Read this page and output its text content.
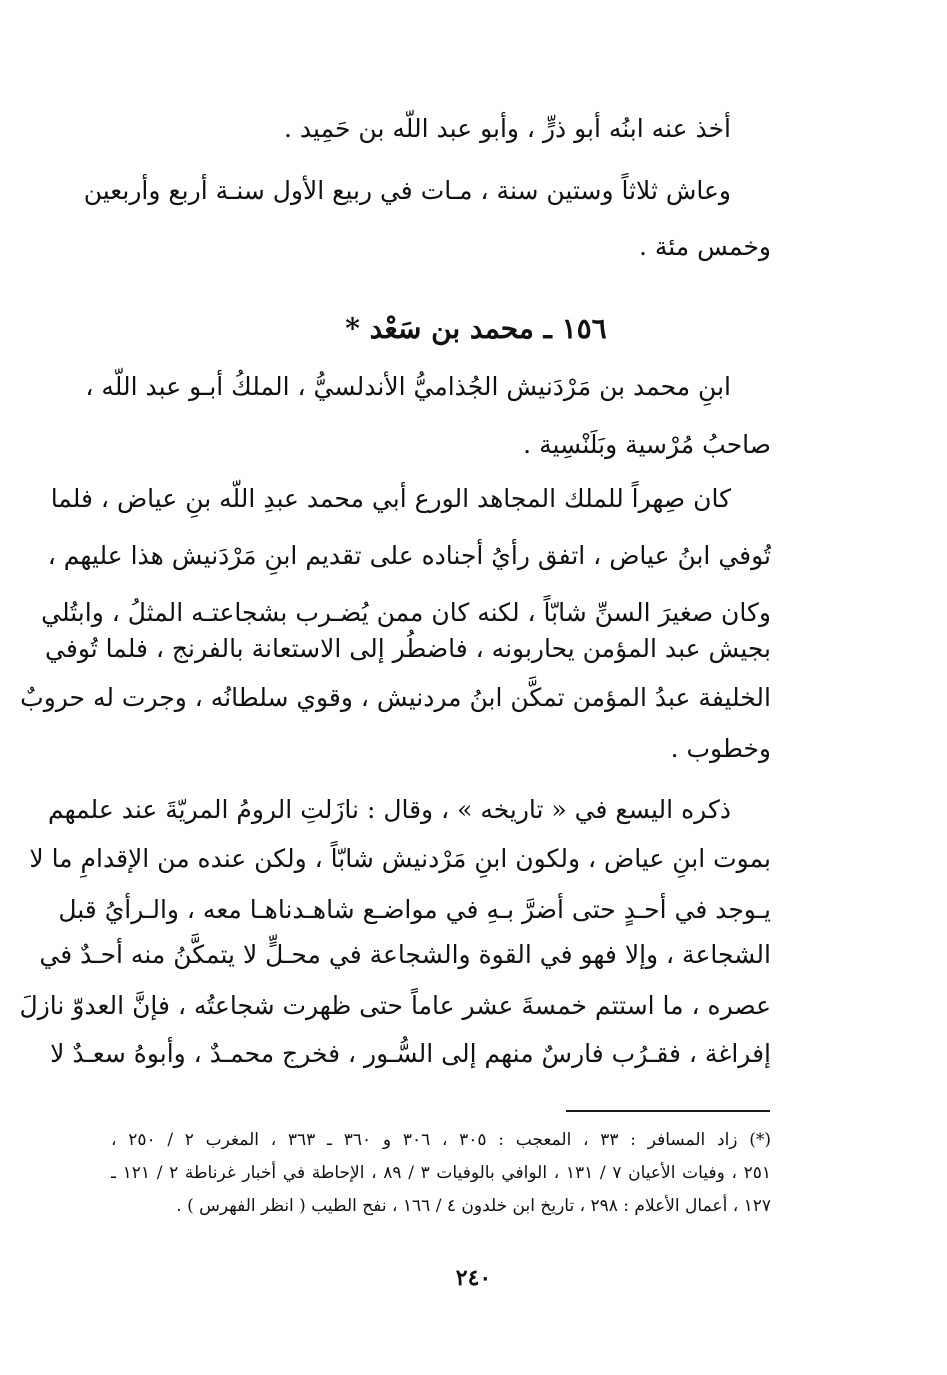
أخذ عنه ابنُه أبو ذرٍّ ، وأبو عبد اللّه بن حَمِيد .
وعاش ثلاثاً وستين سنة ، مـات في ربيع الأول سنـة أربع وأربعين
وخمس مئة .
١٥٦ ـ محمد بن سَعْد *
ابنِ محمد بن مَرْدَنيش الجُذاميُّ الأندلسيُّ ، الملكُ أبـو عبد اللّه ،
صاحبُ مُرْسية وبَلَنْسِية .
كان صِهراً للملك المجاهد الورع أبي محمد عبدِ اللّه بنِ عياض ، فلما
تُوفي ابنُ عياض ، اتفق رأيُ أجناده على تقديم ابنِ مَرْدَنيش هذا عليهم ،
وكان صغيرَ السنِّ شابّاً ، لكنه كان ممن يُضـرب بشجاعتـه المثلُ ، وابتُلي
بجيش عبد المؤمن يحاربونه ، فاضطُر إلى الاستعانة بالفرنج ، فلما تُوفي
الخليفة عبدُ المؤمن تمكَّن ابنُ مردنيش ، وقوي سلطانُه ، وجرت له حروبٌ
وخطوب .
ذكره اليسع في « تاريخه » ، وقال : نازَلتِ الرومُ المريّةَ عند علمهم
بموت ابنِ عياض ، ولكون ابنِ مَرْدنيش شابّاً ، ولكن عنده من الإقدامِ ما لا
يـوجد في أحـدٍ حتى أضرَّ بـهِ في مواضـع شاهـدناهـا معه ، والـرأيُ قبل
الشجاعة ، وإلا فهو في القوة والشجاعة في محـلٍّ لا يتمكَّنُ منه أحـدٌ في
عصره ، ما استتم خمسةَ عشر عاماً حتى ظهرت شجاعتُه ، فإنَّ العدوّ نازلَ
إفراغة ، فقـرُب فارسٌ منهم إلى السُّـور ، فخرج محمـدٌ ، وأبوهُ سعـدٌ لا
(*) زاد المسافر : ٣٣ ، المعجب : ٣٠٥ ، ٣٠٦ و ٣٦٠ ـ ٣٦٣ ، المغرب ٢ / ٢٥٠ ،
٢٥١ ، وفيات الأعيان ٧ / ١٣١ ، الوافي بالوفيات ٣ / ٨٩ ، الإحاطة في أخبار غرناطة ٢ / ١٢١ ـ
١٢٧ ، أعمال الأعلام : ٢٩٨ ، تاريخ ابن خلدون ٤ / ١٦٦ ، نفح الطيب ( انظر الفهرس ) .
٢٤٠
